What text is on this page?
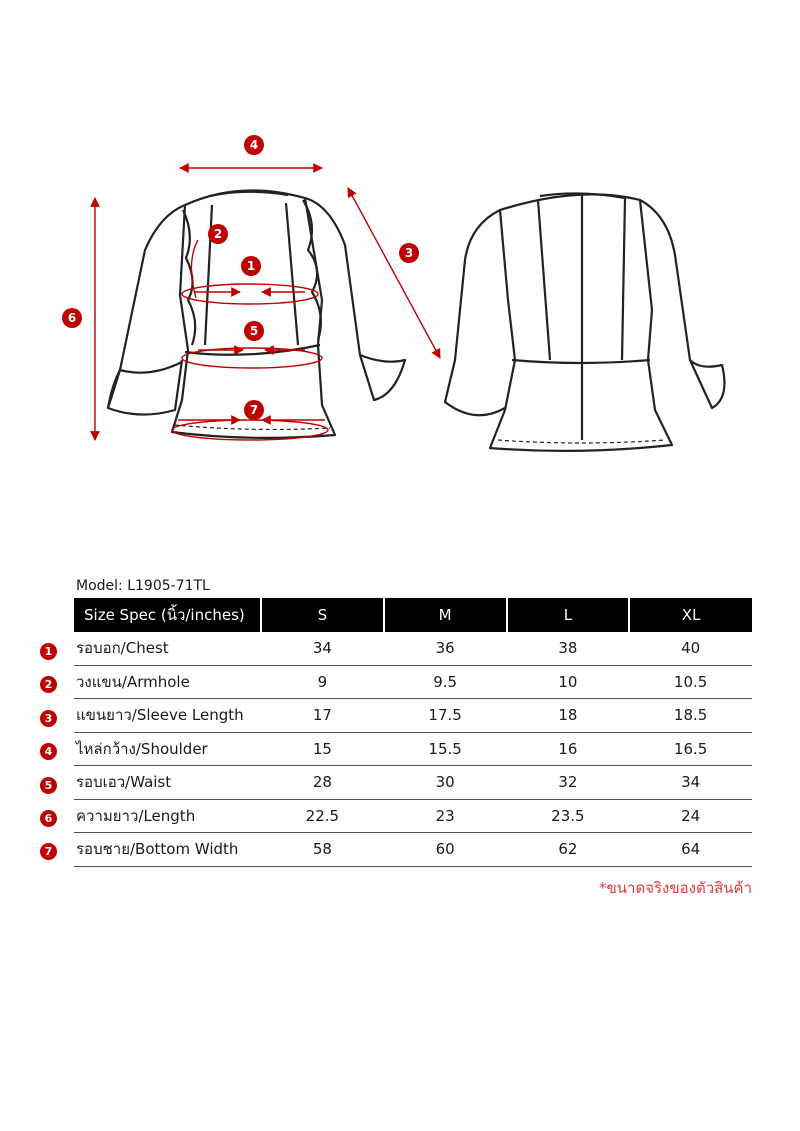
4
2
1
3
6
5
7
Model: L1905-71TL
Size Spec (นิ้ว/inches)	S	M	L	XL
รอบอก/Chest	34	36	38	40
วงแขน/Armhole	9	9.5	10	10.5
แขนยาว/Sleeve Length	17	17.5	18	18.5
ไหล่กว้าง/Shoulder	15	15.5	16	16.5
รอบเอว/Waist	28	30	32	34
ความยาว/Length	22.5	23	23.5	24
รอบชาย/Bottom Width	58	60	62	64
1
2
3
4
5
6
7
*ขนาดจริงของตัวสินค้า
